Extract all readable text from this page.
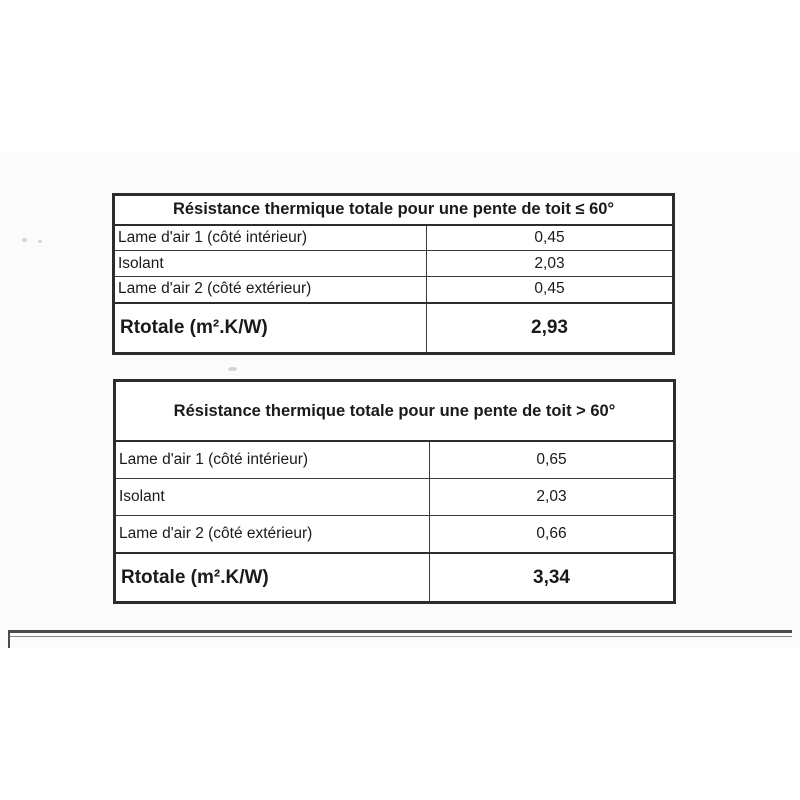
Résistance thermique totale pour une pente de toit ≤ 60°	
Lame d'air 1 (côté intérieur)	0,45
Isolant	2,03
Lame d'air 2 (côté extérieur)	0,45
Rtotale (m².K/W)	2,93
Résistance thermique totale pour une pente de toit > 60°	
Lame d'air 1 (côté intérieur)	0,65
Isolant	2,03
Lame d'air 2 (côté extérieur)	0,66
Rtotale (m².K/W)	3,34
